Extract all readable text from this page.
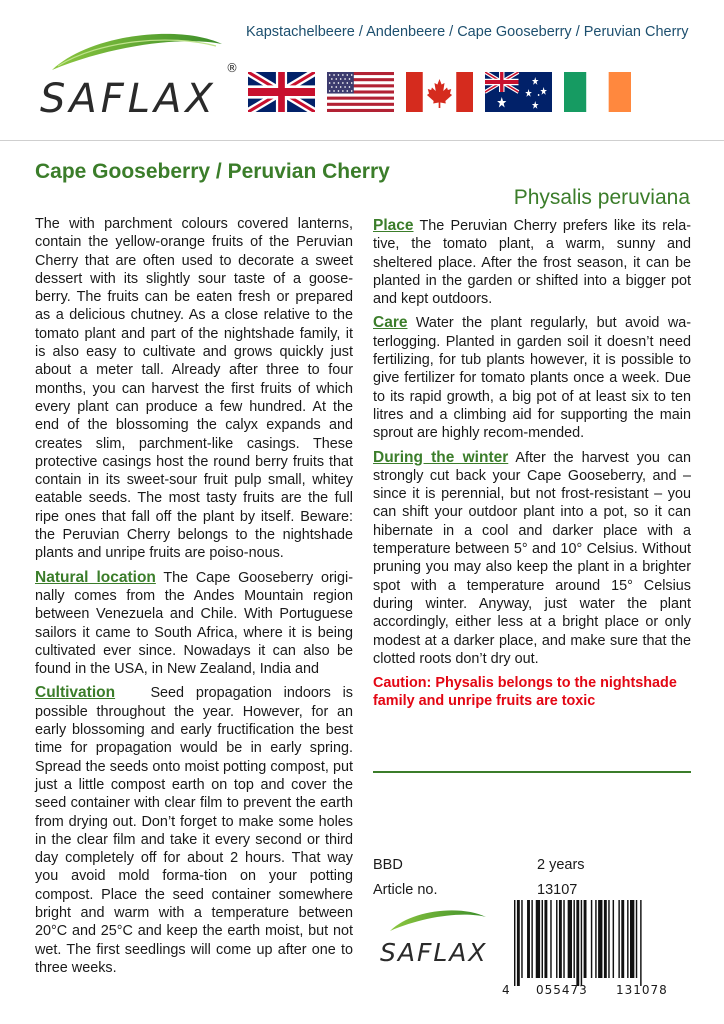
SAFLAX
®
Kapstachelbeere / Andenbeere / Cape Gooseberry / Peruvian Cherry
Cape Gooseberry / Peruvian Cherry
Physalis peruviana

The with parchment colours covered lanterns, contain the yellow-orange fruits of the Peruvian Cherry that are often used to decorate a sweet dessert with its slightly sour taste of a goose-berry. The fruits can be eaten fresh or prepared as a delicious chutney. As a close relative to the tomato plant and part of the nightshade family, it is also easy to cultivate and grows quickly just about a meter tall. Already after three to four months, you can harvest the first fruits of which every plant can produce a few hundred. At the end of the blossoming the calyx expands and creates slim, parchment-like casings. These protective casings host the round berry fruits that contain in its sweet-sour fruit pulp small, whitey eatable seeds. The most tasty fruits are the full ripe ones that fall off the plant by itself. Beware: the Peruvian Cherry belongs to the nightshade plants and unripe fruits are poiso-nous.

Natural location The Cape Gooseberry origi-nally comes from the Andes Mountain region between Venezuela and Chile. With Portuguese sailors it came to South Africa, where it is being cultivated ever since. Nowadays it can also be found in the USA, in New Zealand, India and

Cultivation Seed propagation indoors is possible throughout the year. However, for an early blossoming and early fructification the best time for propagation would be in early spring. Spread the seeds onto moist potting compost, put just a little compost earth on top and cover the seed container with clear film to prevent the earth from drying out. Don’t forget to make some holes in the clear film and take it every second or third day completely off for about 2 hours. That way you avoid mold forma-tion on your potting compost. Place the seed container somewhere bright and warm with a temperature between 20°C and 25°C and keep the earth moist, but not wet. The first seedlings will come up after one to three weeks.

Place The Peruvian Cherry prefers like its rela-tive, the tomato plant, a warm, sunny and sheltered place. After the frost season, it can be planted in the garden or shifted into a bigger pot and kept outdoors.

Care Water the plant regularly, but avoid wa-terlogging. Planted in garden soil it doesn’t need fertilizing, for tub plants however, it is possible to give fertilizer for tomato plants once a week. Due to its rapid growth, a big pot of at least six to ten litres and a climbing aid for supporting the main sprout are highly recom-mended.

During the winter After the harvest you can strongly cut back your Cape Gooseberry, and – since it is perennial, but not frost-resistant – you can shift your outdoor plant into a pot, so it can hibernate in a cool and darker place with a temperature between 5° and 10° Celsius. Without pruning you may also keep the plant in a brighter spot with a temperature around 15° Celsius during winter. Anyway, just water the plant accordingly, either less at a bright place or only modest at a darker place, and make sure that the clotted roots don’t dry out.

Caution: Physalis belongs to the nightshade family and unripe fruits are toxic

BBD	2 years
Article no.	13107
SAFLAX
4 055473 131078
